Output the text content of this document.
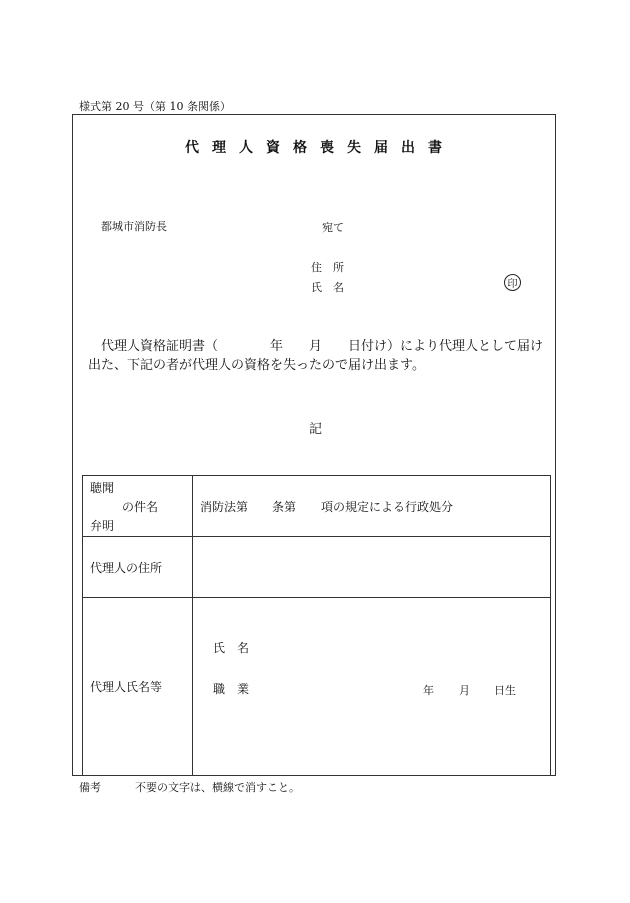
様式第 20 号（第 10 条関係）
代理人資格喪失届出書
都城市消防長	宛て
住　所
氏　名	印
　代理人資格証明書（　　　　年　　月　　日付け）により代理人として届け
出た、下記の者が代理人の資格を失ったので届け出ます。
記
聴聞
の件名
弁明	消防法第 条第 項の規定による行政処分
代理人の住所	
代理人氏名等	氏　名
職　業 年 月 日生
備考	不要の文字は、横線で消すこと。
